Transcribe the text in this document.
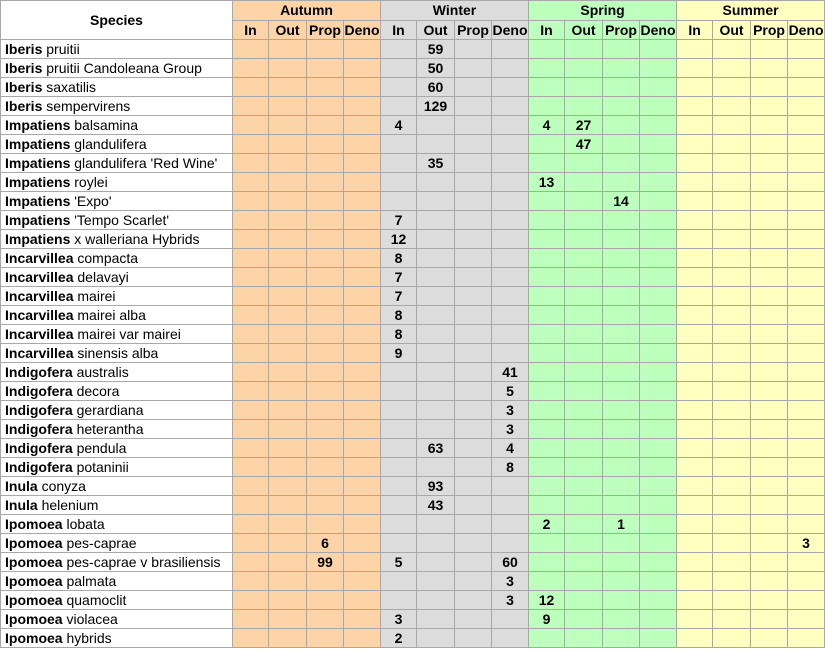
Species	Autumn				Winter				Spring				Summer			
	In	Out	Prop	Deno	In	Out	Prop	Deno	In	Out	Prop	Deno	In	Out	Prop	Deno
Iberis pruitii						59										
Iberis pruitii Candoleana Group						50										
Iberis saxatilis						60										
Iberis sempervirens						129										
Impatiens balsamina					4				4	27						
Impatiens glandulifera										47						
Impatiens glandulifera 'Red Wine'						35										
Impatiens roylei									13							
Impatiens 'Expo'											14					
Impatiens 'Tempo Scarlet'					7											
Impatiens x walleriana Hybrids					12											
Incarvillea compacta					8											
Incarvillea delavayi					7											
Incarvillea mairei					7											
Incarvillea mairei alba					8											
Incarvillea mairei var mairei					8											
Incarvillea sinensis alba					9											
Indigofera australis								41								
Indigofera decora								5								
Indigofera gerardiana								3								
Indigofera heterantha								3								
Indigofera pendula						63		4								
Indigofera potaninii								8								
Inula conyza						93										
Inula helenium						43										
Ipomoea lobata									2		1					
Ipomoea pes-caprae			6													3
Ipomoea pes-caprae v brasiliensis			99		5			60								
Ipomoea palmata								3								
Ipomoea quamoclit								3	12							
Ipomoea violacea					3				9							
Ipomoea hybrids					2											
